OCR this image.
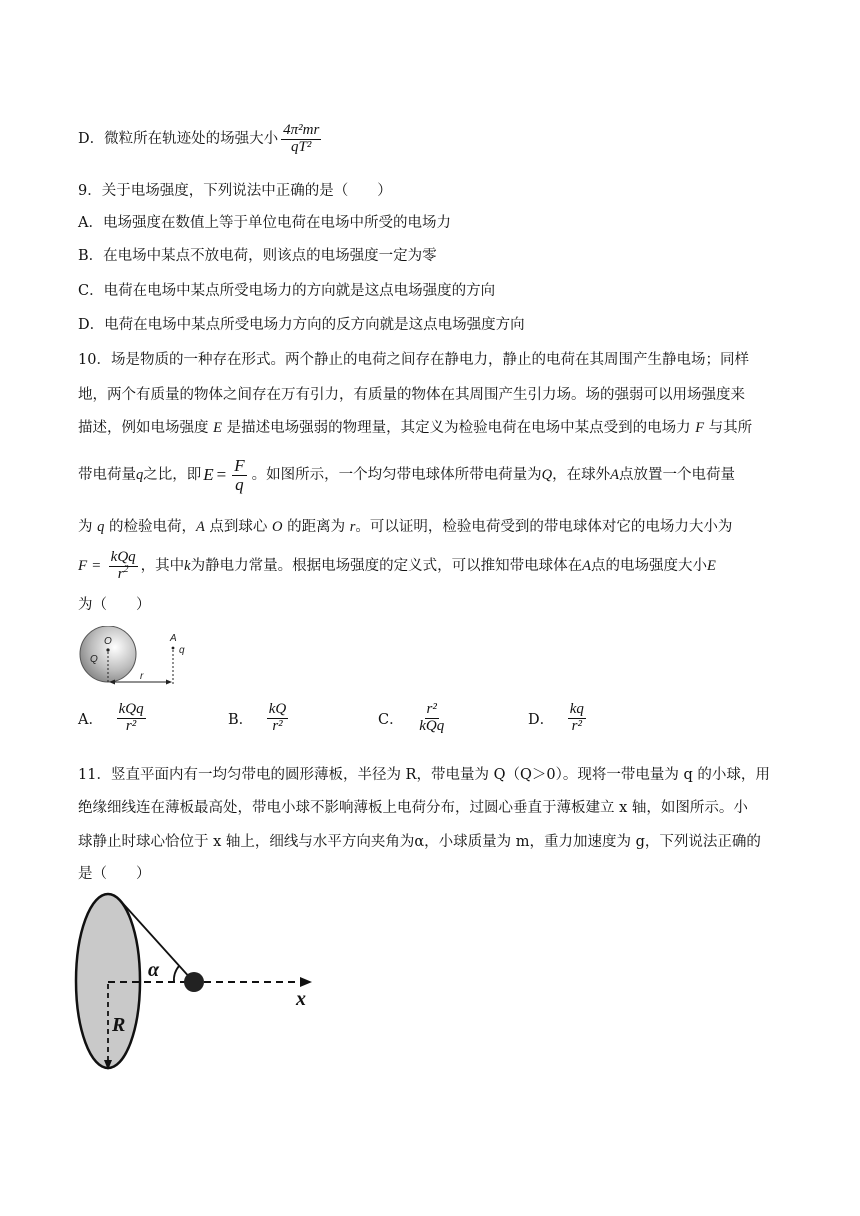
D．微粒所在轨迹处的场强大小 $\frac{\text{4π²mr}}{\text{qT²}}$
9．关于电场强度，下列说法中正确的是（　　）
A．电场强度在数值上等于单位电荷在电场中所受的电场力
B．在电场中某点不放电荷，则该点的电场强度一定为零
C．电荷在电场中某点所受电场力的方向就是这点电场强度的方向
D．电荷在电场中某点所受电场力方向的反方向就是这点电场强度方向
10．场是物质的一种存在形式。两个静止的电荷之间存在静电力，静止的电荷在其周围产生静电场；同样
地，两个有质量的物体之间存在万有引力，有质量的物体在其周围产生引力场。场的强弱可以用场强度来
描述，例如电场强度 E 是描述电场强弱的物理量，其定义为检验电荷在电场中某点受到的电场力 F 与其所
带电荷量 q 之比，即 $E = \frac{F}{q}$ 。如图所示，一个均匀带电球体所带电荷量为 Q ，在球外 A 点放置一个电荷量
为 q 的检验电荷，A 点到球心 O 的距离为 r。可以证明，检验电荷受到的带电球体对它的电场力大小为
$F = \frac{\text{kQq}}{r^2}$ ，其中 k 为静电力常量。根据电场强度的定义式，可以推知带电球体在 A 点的电场强度大小 E
为（　　）
O
Q
A
q
r
A． $\frac{\text{kQq}}{\text{r²}}$	B． $\frac{kQ}{\text{r²}}$	C． $\frac{\text{r²}}{\text{kQq}}$	D． $\frac{kq}{\text{r²}}$
11．竖直平面内有一均匀带电的圆形薄板，半径为 R，带电量为 Q（Q＞0）。现将一带电量为 q 的小球，用
绝缘细线连在薄板最高处，带电小球不影响薄板上电荷分布，过圆心垂直于薄板建立 x 轴，如图所示。小
球静止时球心恰位于 x 轴上，细线与水平方向夹角为α，小球质量为 m，重力加速度为 g，下列说法正确的
是（　　）
α
x
R
